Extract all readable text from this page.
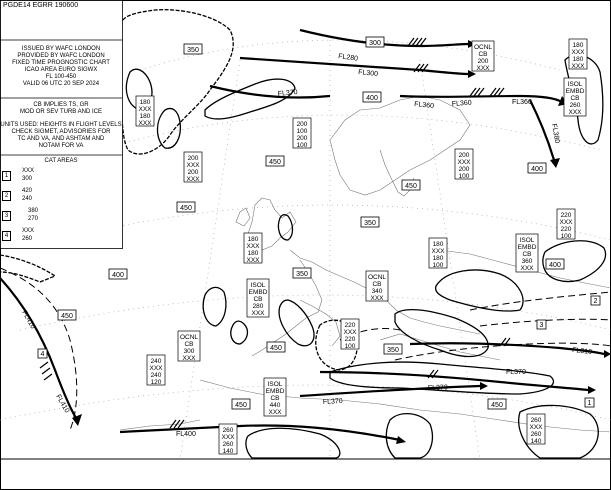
2
3
1
4
350
300
400
450
450
450
350
400
350
450
400
400
450	350
450	450
FL280
FL300
FL370
FL360 FL360	FL360
FL380
FL410
FL410
FL400
FL370
FL370
FL310
FL370
OCNL
CB
200
XXX
ISOL
EMBD
CB
260
XXX
ISOL
EMBD
CB
360
XXX
ISOL
EMBD
CB
280
XXX
OCNL
CB
340
XXX
OCNL
CB
300
XXX
ISOL
EMBD
CB
440
XXX
180
XXX
180
XXX	200
100
200
100
200
XXX
200
XXX
200
XXX
200
100
180
XXX
180
XXX
180
XXX
180
100
220
XXX
220
100
220
XXX
220
100
240
XXX
240
120
260
XXX
260
140
260
XXX
260
140
180
XXX
180
XXX
PGDE14 EGRR 190600
ISSUED BY WAFC LONDON
PROVIDED BY WAFC LONDON
FIXED TIME PROGNOSTIC CHART
ICAO AREA EURO SIGWX
FL 100-450
VALID 06 UTC 20 SEP 2024
CB IMPLIES TS, GR
MOD OR SEV TURB AND ICE
UNITS USED: HEIGHTS IN FLIGHT LEVELS
CHECK SIGMET, ADVISORIES FOR
TC AND VA, AND ASHTAM AND
NOTAM FOR VA
CAT AREAS
1
XXX
300
2
420
240
3
380
270
4
XXX
260
